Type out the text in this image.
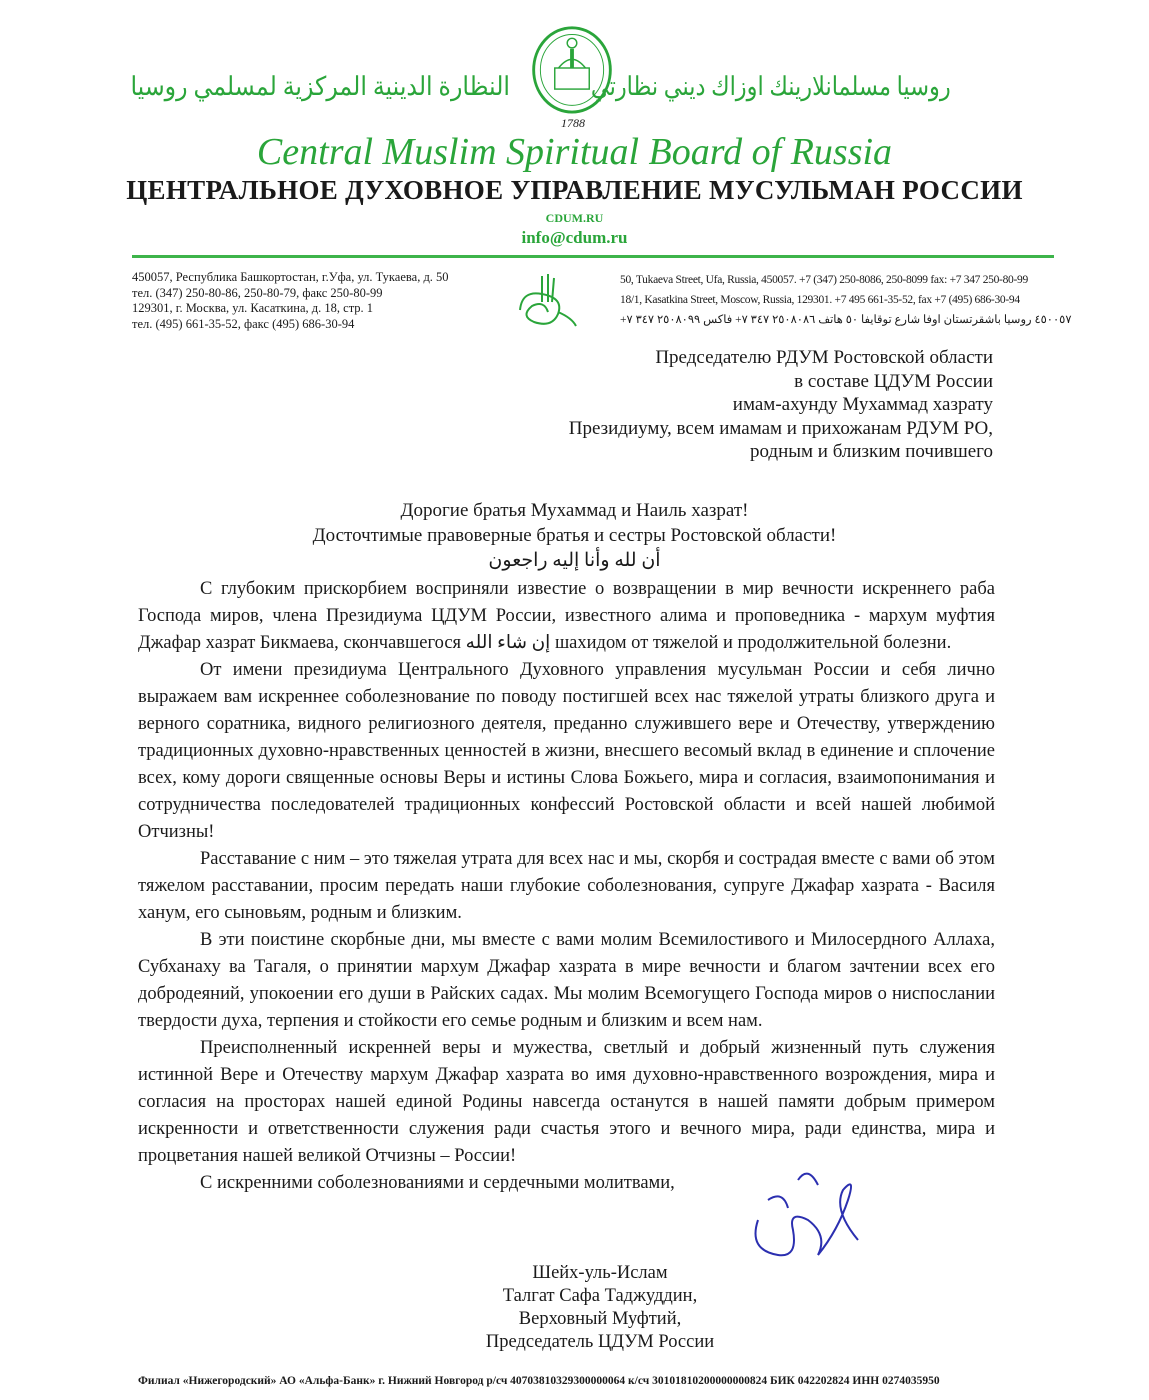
النظارة الدينية المركزية لمسلمي روسيا	روسيا مسلمانلارينك اوزاك ديني نظارتي
1788
Central Muslim Spiritual Board of Russia
ЦЕНТРАЛЬНОЕ ДУХОВНОЕ УПРАВЛЕНИЕ МУСУЛЬМАН РОССИИ
CDUM.RU
info@cdum.ru
450057, Республика Башкортостан, г.Уфа, ул. Тукаева, д. 50
тел. (347) 250-80-86, 250-80-79, факс 250-80-99
129301, г. Москва, ул. Касаткина, д. 18, стр. 1
тел. (495) 661-35-52, факс (495) 686-30-94
50, Tukaeva Street, Ufa, Russia, 450057. +7 (347) 250-8086, 250-8099 fax: +7 347 250-80-99
18/1, Kasatkina Street, Moscow, Russia, 129301. +7 495 661-35-52, fax +7 (495) 686-30-94
٤٥٠٠٥٧ روسيا باشقرتستان اوفا شارع توقايفا ٥٠ هاتف ٢٥٠٨٠٨٦ ٣٤٧ ٧+ فاكس ٢٥٠٨٠٩٩ ٣٤٧ ٧+
Председателю РДУМ Ростовской области
в составе ЦДУМ России
имам-ахунду Мухаммад хазрату
Президиуму, всем имамам и прихожанам РДУМ РО,
родным и близким почившего
Дорогие братья Мухаммад и Наиль хазрат!
Досточтимые правоверные братья и сестры Ростовской области!
أن لله وأنا إليه راجعون

С глубоким прискорбием восприняли известие о возвращении в мир вечности искреннего раба Господа миров, члена Президиума ЦДУМ России, известного алима и проповедника - мархум муфтия Джафар хазрат Бикмаева, скончавшегося إن شاء الله шахидом от тяжелой и продолжительной болезни.

От имени президиума Центрального Духовного управления мусульман России и себя лично выражаем вам искреннее соболезнование по поводу постигшей всех нас тяжелой утраты близкого друга и верного соратника, видного религиозного деятеля, преданно служившего вере и Отечеству, утверждению традиционных духовно-нравственных ценностей в жизни, внесшего весомый вклад в единение и сплочение всех, кому дороги священные основы Веры и истины Слова Божьего, мира и согласия, взаимопонимания и сотрудничества последователей традиционных конфессий Ростовской области и всей нашей любимой Отчизны!

Расставание с ним – это тяжелая утрата для всех нас и мы, скорбя и сострадая вместе с вами об этом тяжелом расставании, просим передать наши глубокие соболезнования, супруге Джафар хазрата - Василя ханум, его сыновьям, родным и близким.

В эти поистине скорбные дни, мы вместе с вами молим Всемилостивого и Милосердного Аллаха, Субханаху ва Тагаля, о принятии мархум Джафар хазрата в мире вечности и благом зачтении всех его добродеяний, упокоении его души в Райских садах. Мы молим Всемогущего Господа миров о ниспослании твердости духа, терпения и стойкости его семье родным и близким и всем нам.

Преисполненный искренней веры и мужества, светлый и добрый жизненный путь служения истинной Вере и Отечеству мархум Джафар хазрата во имя духовно-нравственного возрождения, мира и согласия на просторах нашей единой Родины навсегда останутся в нашей памяти добрым примером искренности и ответственности служения ради счастья этого и вечного мира, ради единства, мира и процветания нашей великой Отчизны – России!

С искренними соболезнованиями и сердечными молитвами,

Шейх-уль-Ислам
Талгат Сафа Таджуддин,
Верховный Муфтий,
Председатель ЦДУМ России
Филиал «Нижегородский» АО «Альфа-Банк» г. Нижний Новгород р/сч 40703810329300000064 к/сч 30101810200000000824 БИК 042202824 ИНН 0274035950
